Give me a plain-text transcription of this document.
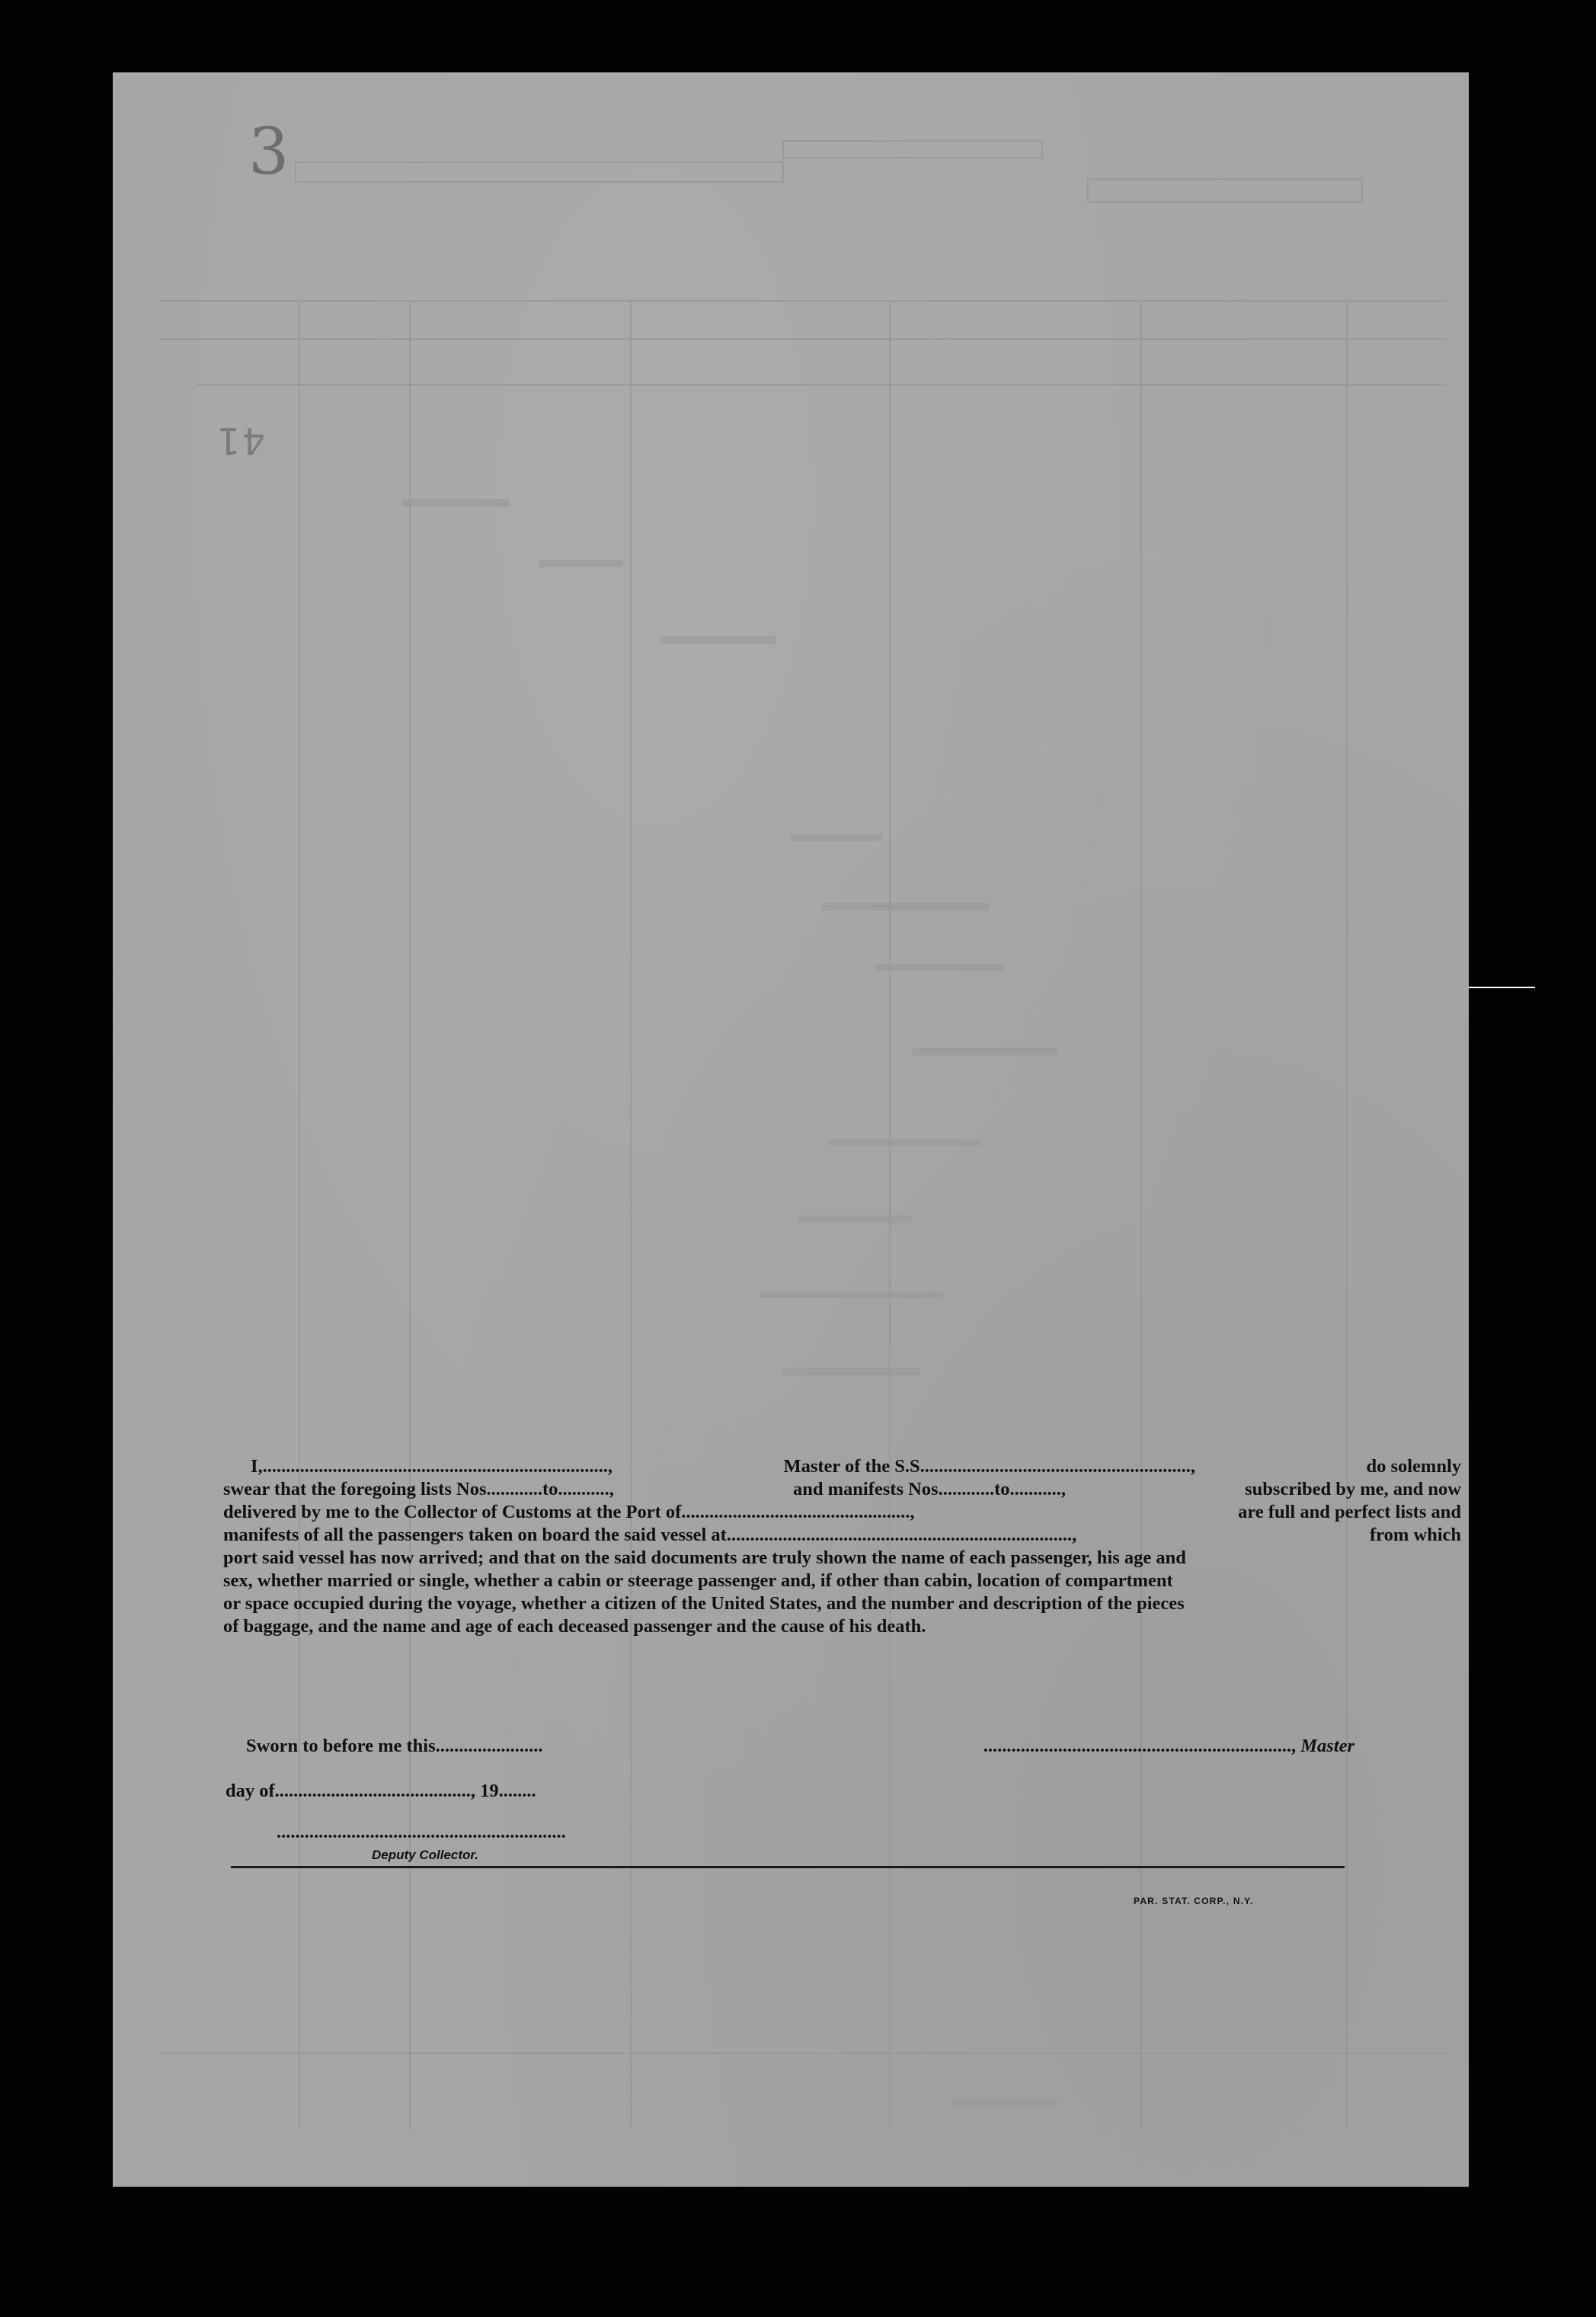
3
41
I,..........................................................................,	Master of the S.S..........................................................,	do solemnly
swear that the foregoing lists Nos............to...........,	and manifests Nos............to...........,	subscribed by me, and now
delivered by me to the Collector of Customs at the Port of.................................................,	are full and perfect lists and
manifests of all the passengers taken on board the said vessel at..........................................................................,	from which
port said vessel has now arrived; and that on the said documents are truly shown the name of each passenger, his age and
sex, whether married or single, whether a cabin or steerage passenger and, if other than cabin, location of compartment
or space occupied during the voyage, whether a citizen of the United States, and the number and description of the pieces
of baggage, and the name and age of each deceased passenger and the cause of his death.
Sworn to before me this.......................	.................................................................., Master
day of.........................................., 19........
..............................................................
Deputy Collector.
PAR. STAT. CORP., N.Y.
